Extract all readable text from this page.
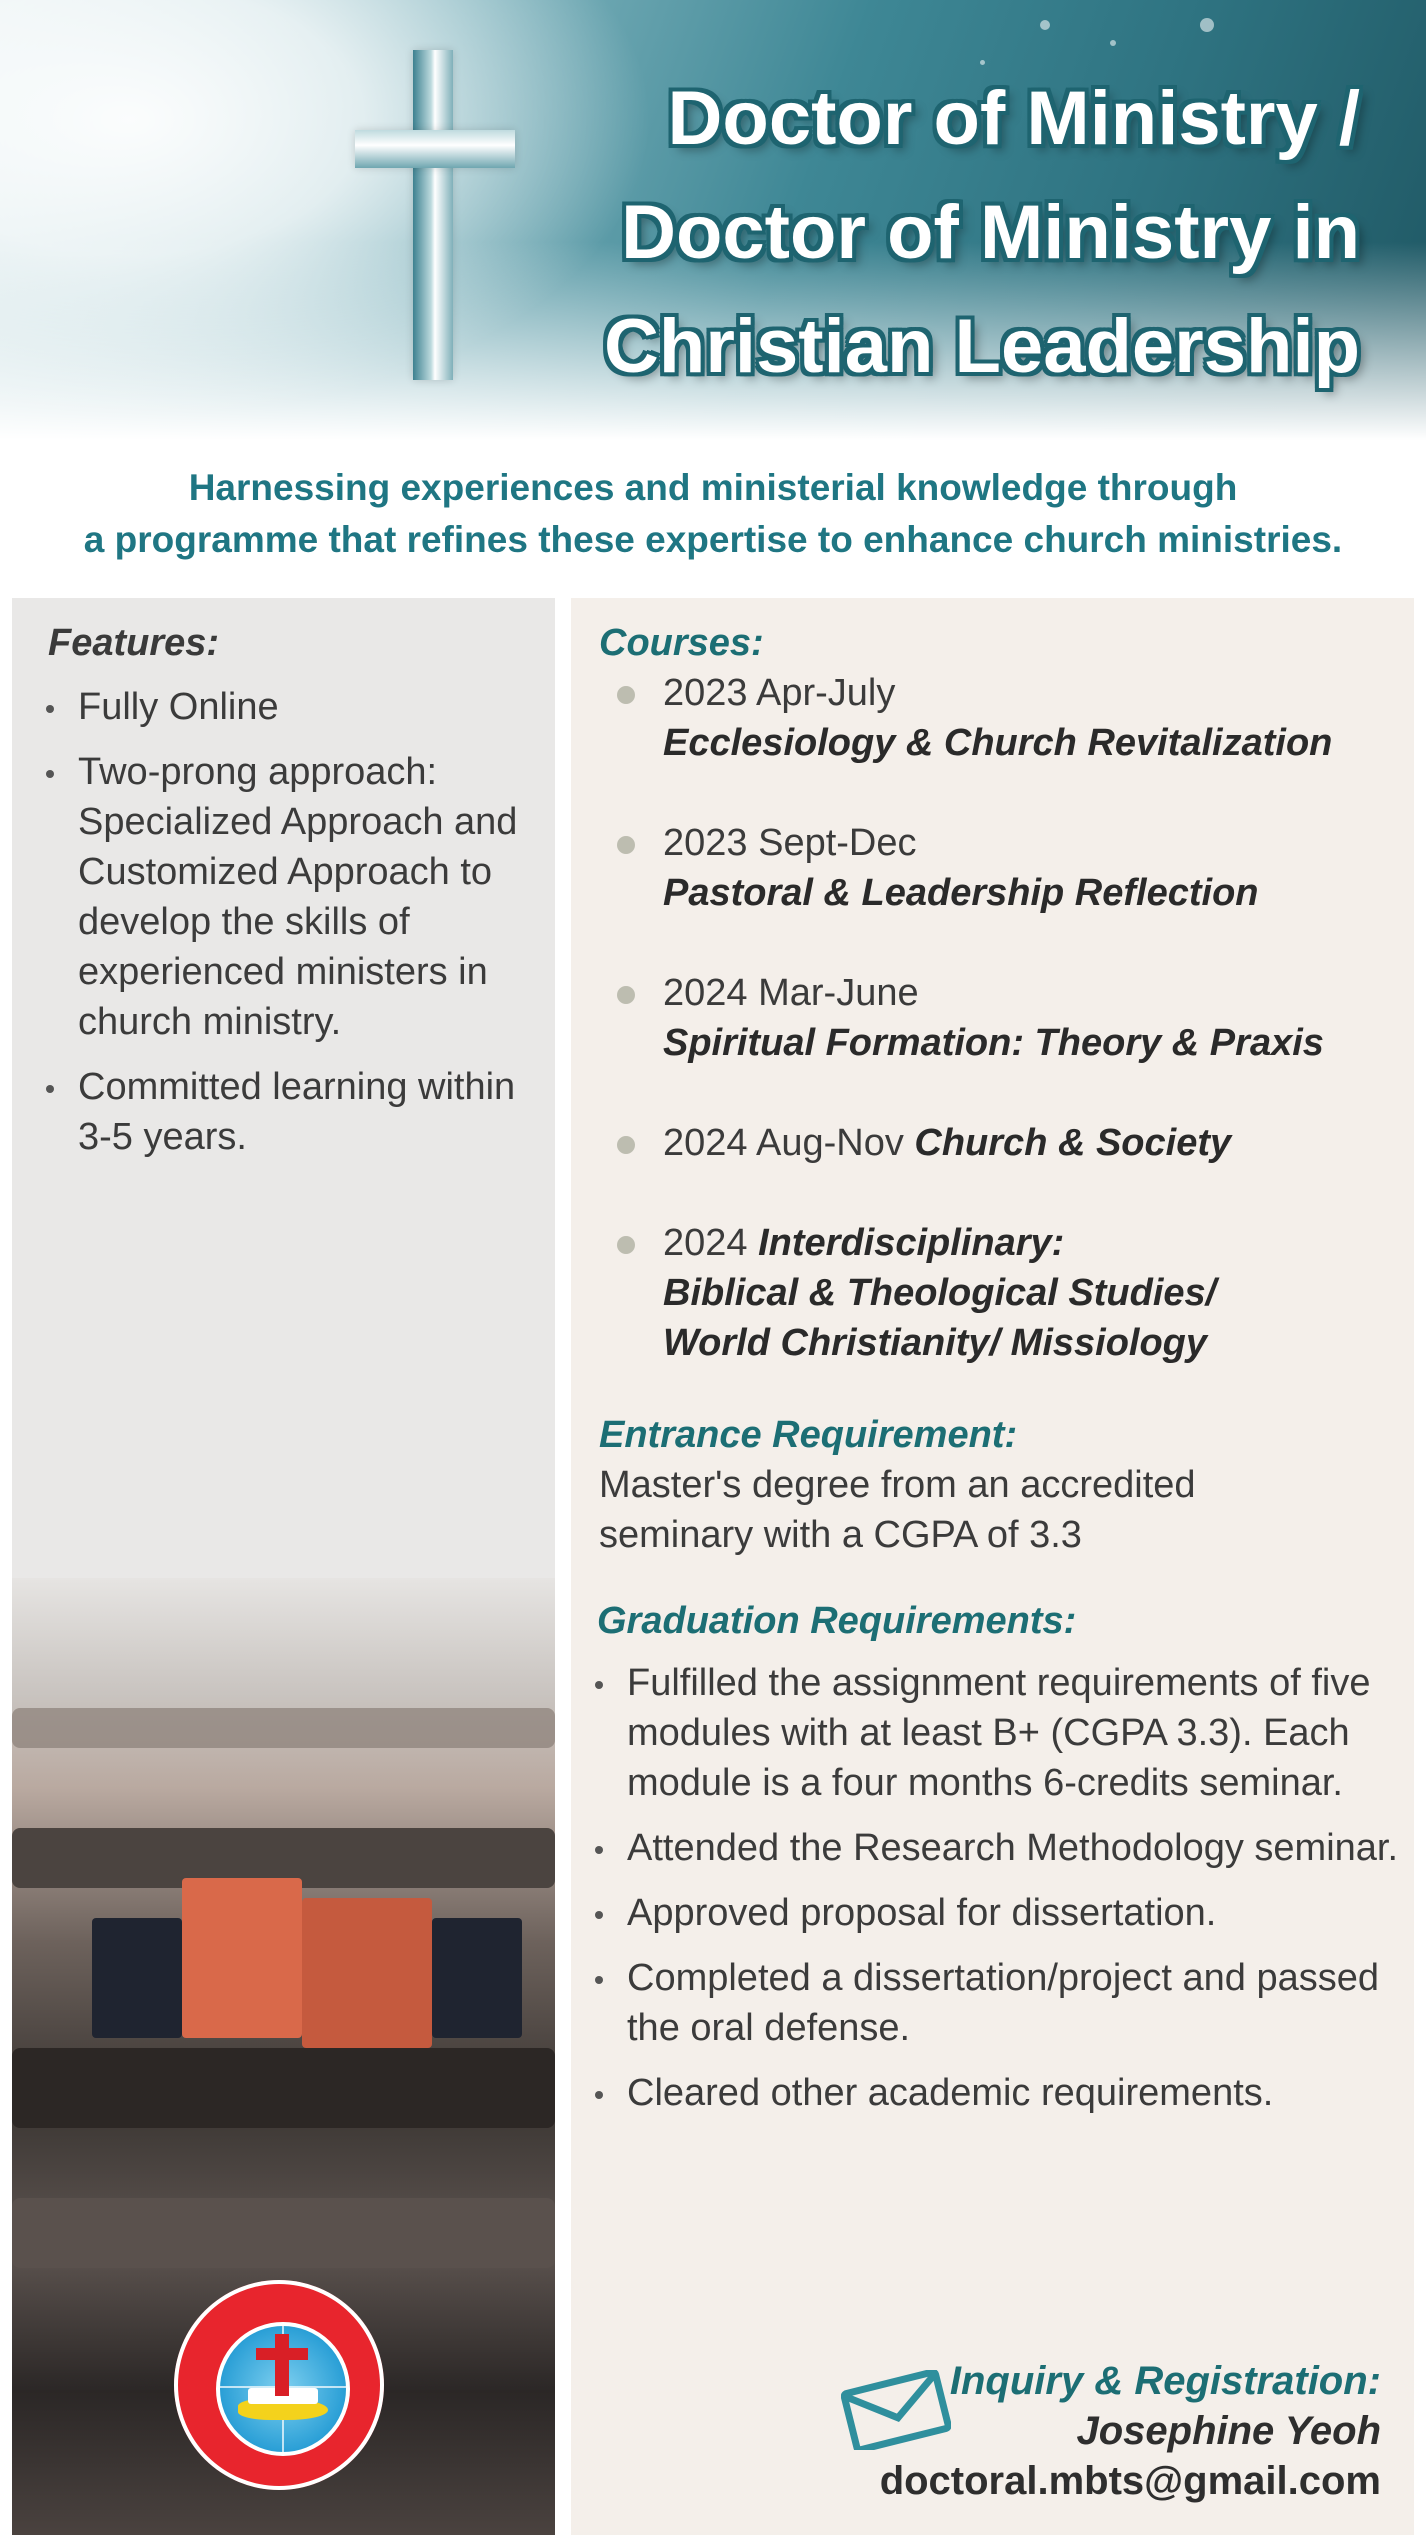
Doctor of Ministry /
Doctor of Ministry in
Christian Leadership
Harnessing experiences and ministerial knowledge through
a programme that refines these expertise to enhance church ministries.
Features:
Fully Online
Two-prong approach: Specialized Approach and Customized Approach to develop the skills of experienced ministers in church ministry.
Committed learning within 3-5 years.
Courses:
2023 Apr-July
Ecclesiology & Church Revitalization
2023 Sept-Dec
Pastoral & Leadership Reflection
2024 Mar-June
Spiritual Formation: Theory & Praxis
2024 Aug-Nov Church & Society
2024 Interdisciplinary:
Biblical & Theological Studies/
World Christianity/ Missiology
Entrance Requirement:

Master's degree from an accredited seminary with a CGPA of 3.3

Graduation Requirements:
Fulfilled the assignment requirements of five modules with at least B+ (CGPA 3.3). Each module is a four months 6-credits seminar.
Attended the Research Methodology seminar.
Approved proposal for dissertation.
Completed a dissertation/project and passed the oral defense.
Cleared other academic requirements.
Inquiry & Registration:
Josephine Yeoh
doctoral.mbts@gmail.com
